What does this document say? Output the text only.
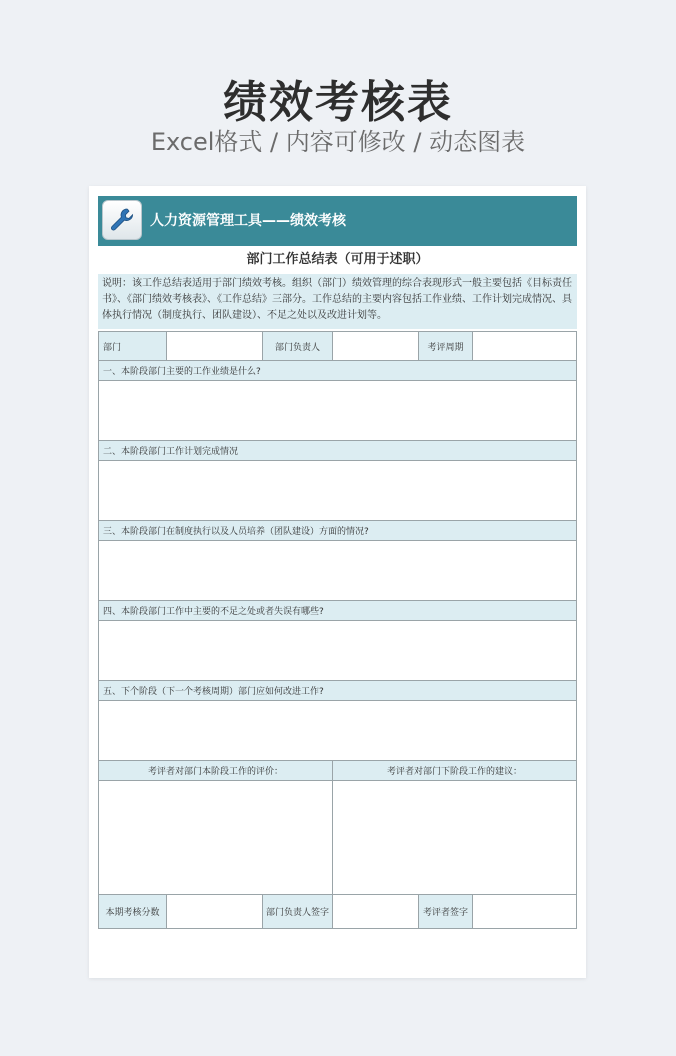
绩效考核表
Excel格式 / 内容可修改 / 动态图表
人力资源管理工具——绩效考核
部门工作总结表（可用于述职）
说明：该工作总结表适用于部门绩效考核。组织（部门）绩效管理的综合表现形式一般主要包括《目标责任书》、《部门绩效考核表》、《工作总结》三部分。工作总结的主要内容包括工作业绩、工作计划完成情况、具体执行情况（制度执行、团队建设）、不足之处以及改进计划等。
部门	部门负责人	考评周期
一、本阶段部门主要的工作业绩是什么?
二、本阶段部门工作计划完成情况
三、本阶段部门在制度执行以及人员培养（团队建设）方面的情况?
四、本阶段部门工作中主要的不足之处或者失误有哪些?
五、下个阶段（下一个考核周期）部门应如何改进工作?
考评者对部门本阶段工作的评价：	考评者对部门下阶段工作的建议：
本期考核分数	部门负责人签字	考评者签字
